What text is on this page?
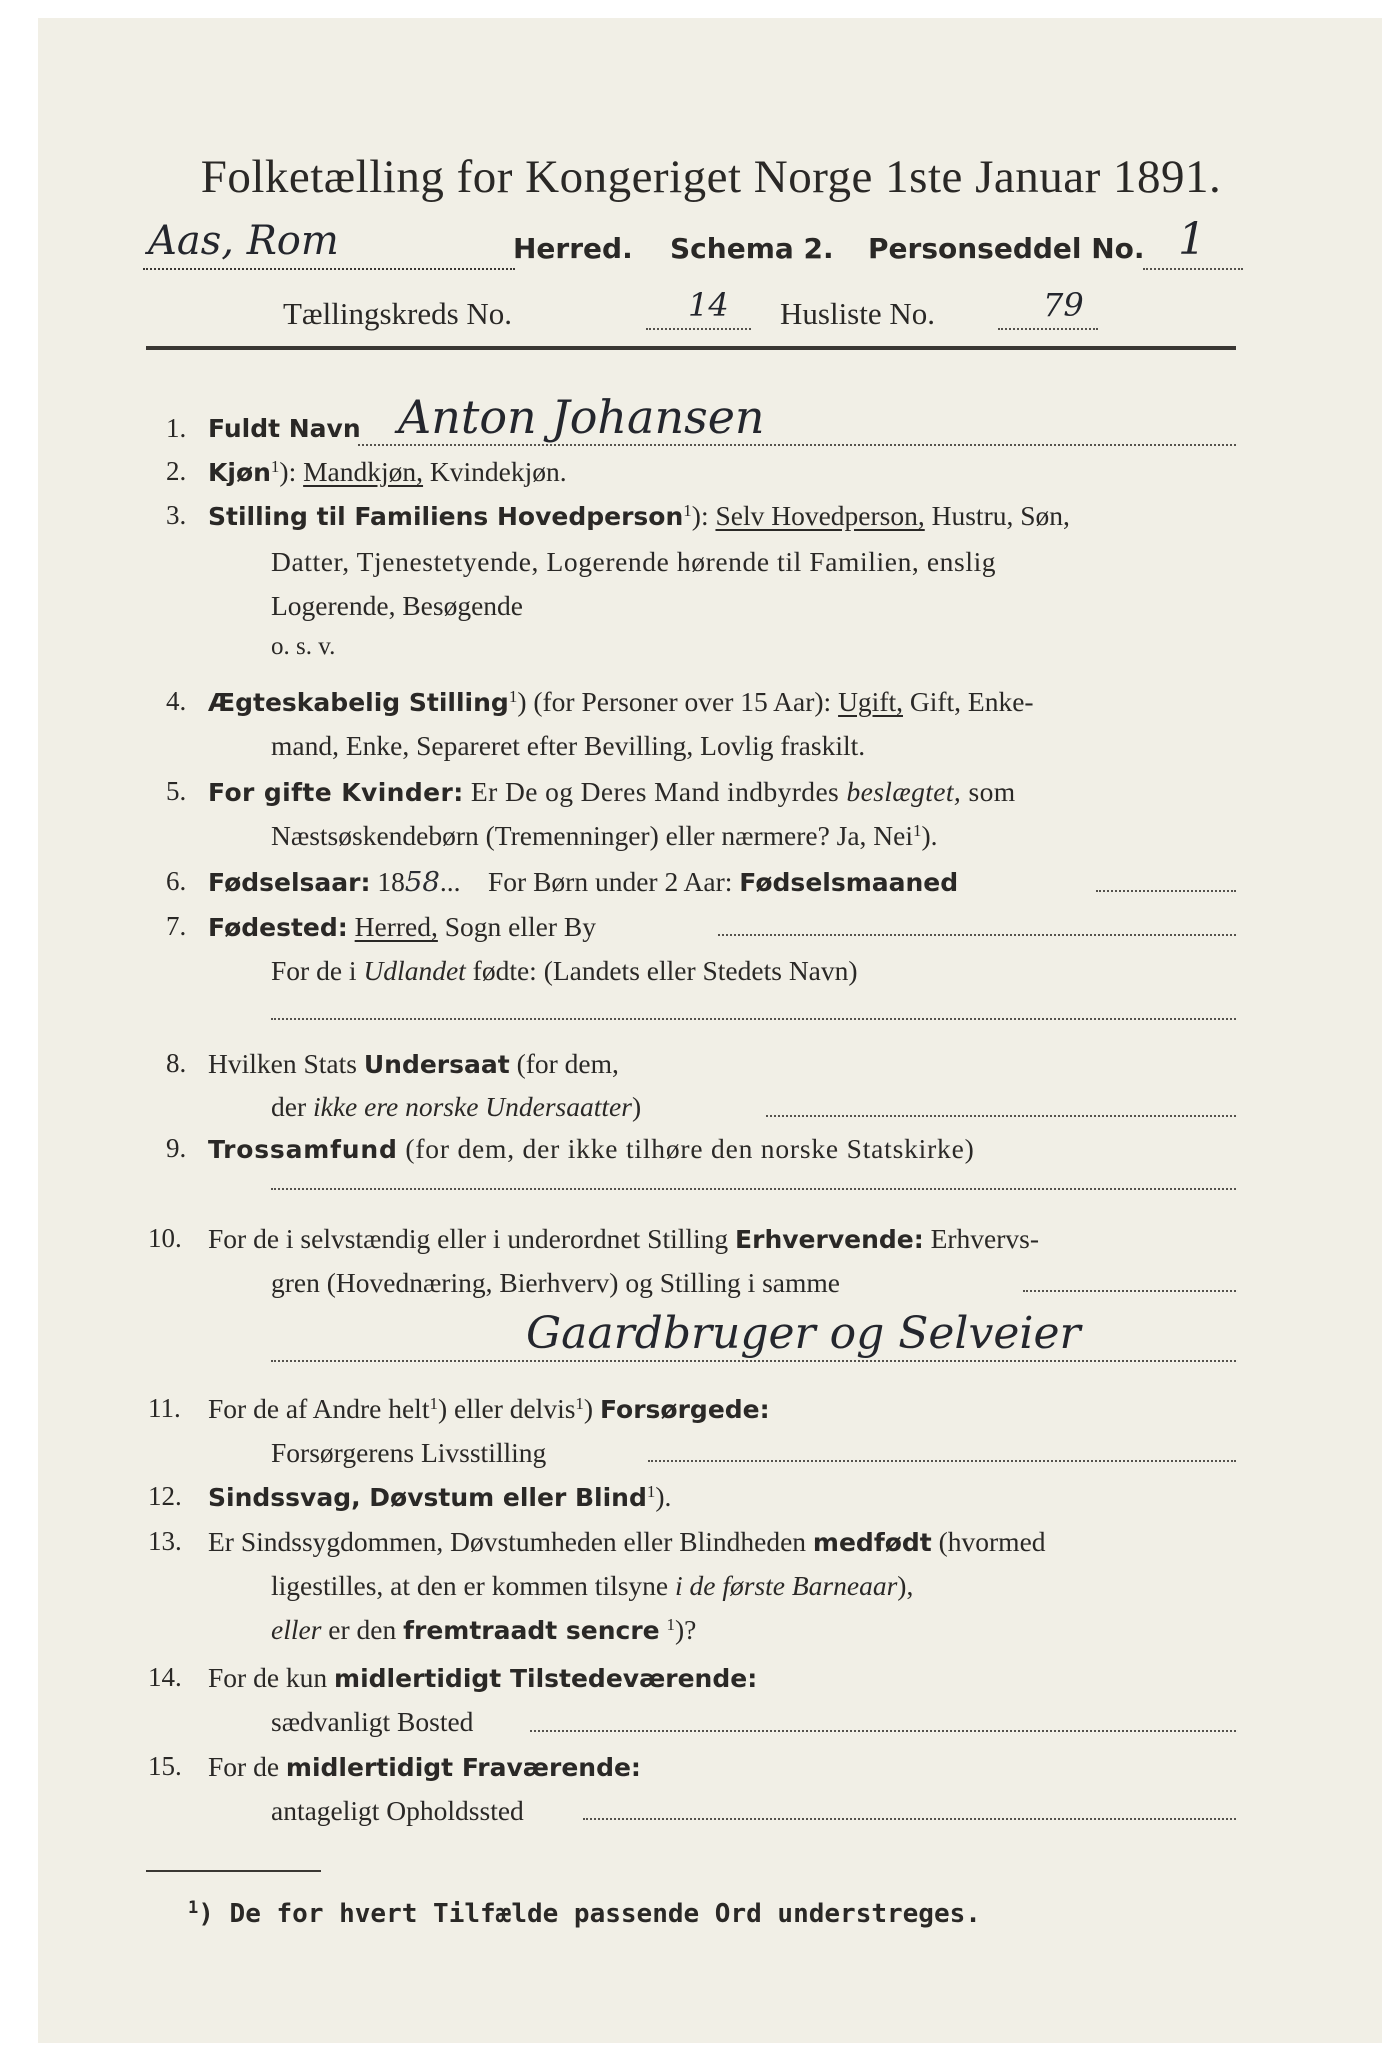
Folketælling for Kongeriget Norge 1ste Januar 1891.
Aas, Rom	Herred. Schema 2. Personseddel No. 1
Tællingskreds No.	14 Husliste No.	79
1. Fuldt Navn Anton Johansen
2. Kjøn$^1$): Mandkjøn, Kvindekjøn.
3. Stilling til Familiens Hovedperson$^1$): Selv Hovedperson, Hustru, Søn,
Datter, Tjenestetyende, Logerende hørende til Familien, enslig
Logerende, Besøgende
o. s. v.
4. Ægteskabelig Stilling$^1$) (for Personer over 15 Aar): Ugift, Gift, Enke-
mand, Enke, Separeret efter Bevilling, Lovlig fraskilt.
5. For gifte Kvinder: Er De og Deres Mand indbyrdes beslægtet, som
Næstsøskendebørn (Tremenninger) eller nærmere? Ja, Nei$^1$).
6. Fødselsaar: 1858...    For Børn under 2 Aar: Fødselsmaaned
7. Fødested: Herred, Sogn eller By
For de i Udlandet fødte: (Landets eller Stedets Navn)
8. Hvilken Stats Undersaat (for dem,
der ikke ere norske Undersaatter)
9. Trossamfund (for dem, der ikke tilhøre den norske Statskirke)
10. For de i selvstændig eller i underordnet Stilling Erhvervende: Erhvervs-
gren (Hovednæring, Bierhverv) og Stilling i samme
Gaardbruger og Selveier
11. For de af Andre helt$^1$) eller delvis$^1$) Forsørgede:
Forsørgerens Livsstilling
12. Sindssvag, Døvstum eller Blind$^1$).
13. Er Sindssygdommen, Døvstumheden eller Blindheden medfødt (hvormed
ligestilles, at den er kommen tilsyne i de første Barneaar),
eller er den fremtraadt sencre $^1$)?
14. For de kun midlertidigt Tilstedeværende:
sædvanligt Bosted
15. For de midlertidigt Fraværende:
antageligt Opholdssted
$^1$) De for hvert Tilfælde passende Ord understreges.
